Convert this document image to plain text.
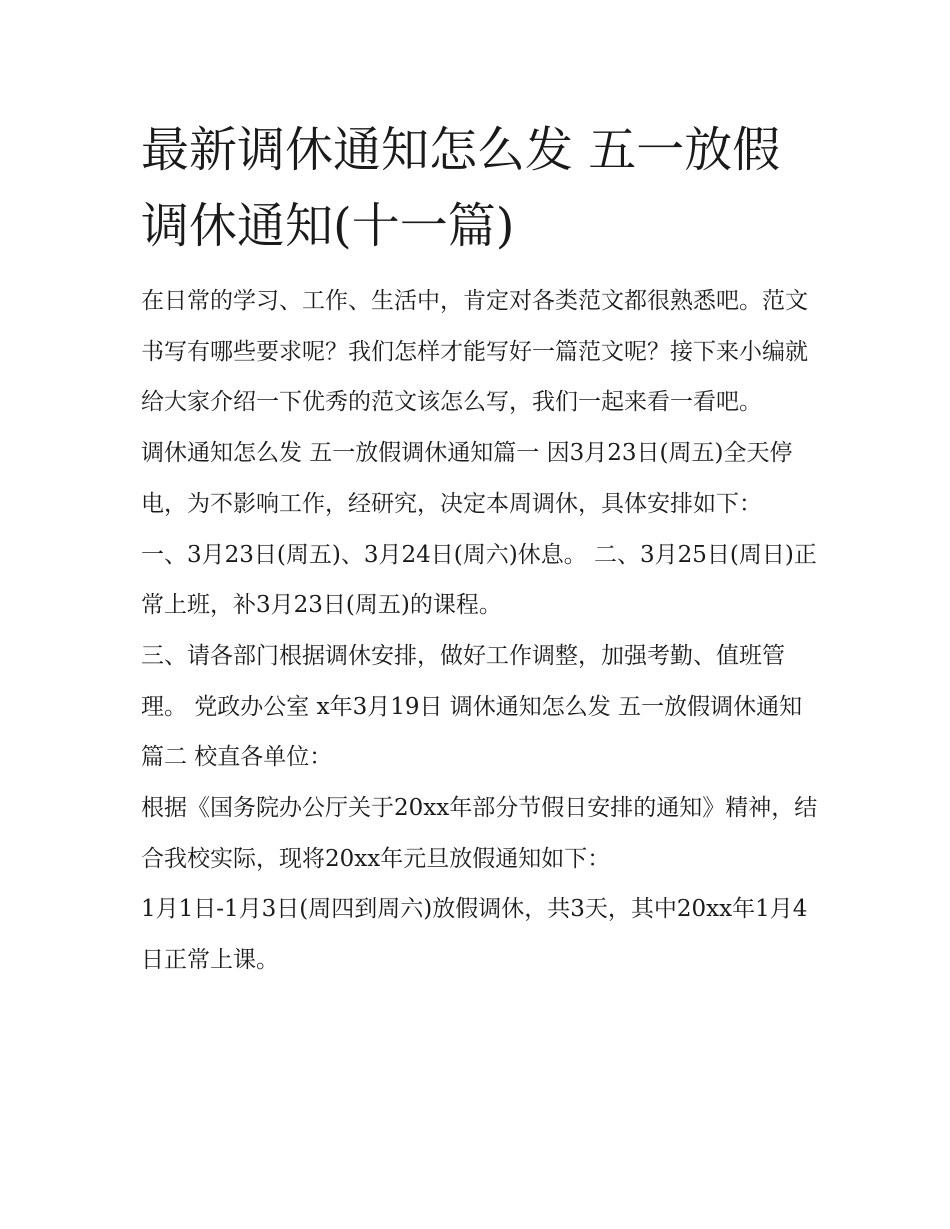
最新调休通知怎么发 五一放假调休通知(十一篇)

在日常的学习、工作、生活中，肯定对各类范文都很熟悉吧。范文书写有哪些要求呢？我们怎样才能写好一篇范文呢？接下来小编就给大家介绍一下优秀的范文该怎么写，我们一起来看一看吧。

调休通知怎么发 五一放假调休通知篇一 因3月23日(周五)全天停电，为不影响工作，经研究，决定本周调休，具体安排如下：

一、3月23日(周五)、3月24日(周六)休息。 二、3月25日(周日)正常上班，补3月23日(周五)的课程。

三、请各部门根据调休安排，做好工作调整，加强考勤、值班管理。 党政办公室 x年3月19日 调休通知怎么发 五一放假调休通知篇二 校直各单位：

根据《国务院办公厅关于20xx年部分节假日安排的通知》精神，结合我校实际，现将20xx年元旦放假通知如下：

1月1日-1月3日(周四到周六)放假调休，共3天，其中20xx年1月4日正常上课。
